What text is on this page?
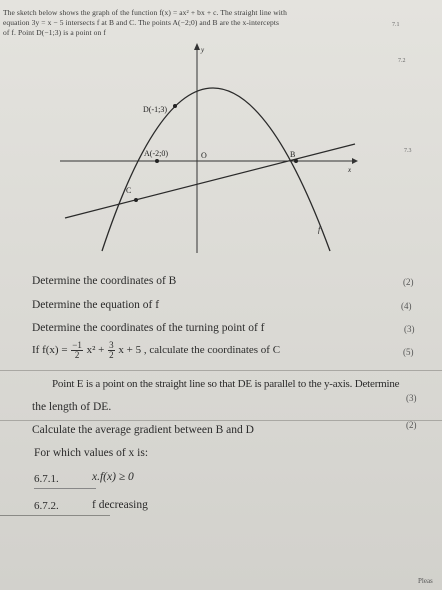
The sketch below shows the graph of the function f(x) = ax² + bx + c. The straight line with
equation 3y = x − 5 intersects f at B and C. The points A(−2;0) and B are the x-intercepts
of f. Point D(−1;3) is a point on f
7.1
7.2
7.3
D(-1;3)
A(-2;0)	O	B
C
x
y
f
Determine the coordinates of B	(2)
Determine the equation of f	(4)
Determine the coordinates of the turning point of f	(3)
If $f(x) = \frac{-1}{2} x^2 + \frac{3}{2}$ x + 5 , calculate the coordinates of C	(5)
Point E is a point on the straight line so that DE is parallel to the y-axis. Determine
the length of DE.
(3)
Calculate the average gradient between B and D	(2)
For which values of x is:
6.7.1.	x.f(x) ≥ 0
6.7.2.	f decreasing
Pleas
